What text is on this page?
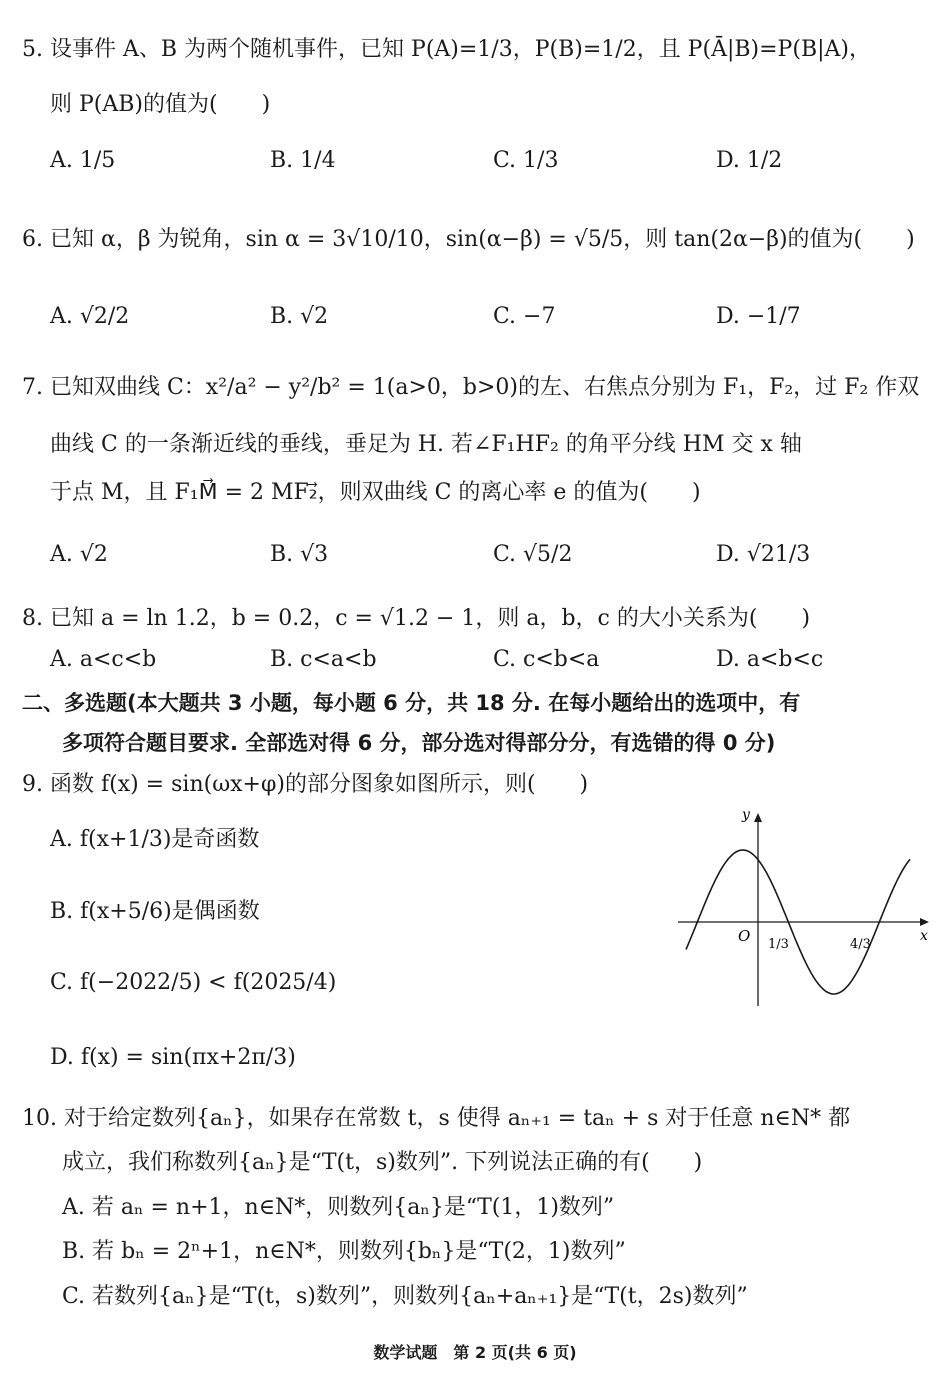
5. 设事件 A、B 为两个随机事件，已知 P(A)=1/3，P(B)=1/2，且 P(Ā|B)=P(B|A)，
则 P(AB)的值为(　　)
A. 1/5	B. 1/4	C. 1/3	D. 1/2
6. 已知 α，β 为锐角，sin α = 3√10/10，sin(α−β) = √5/5，则 tan(2α−β)的值为(　　)
A. √2/2	B. √2	C. −7	D. −1/7
7. 已知双曲线 C：x²/a² − y²/b² = 1(a>0，b>0)的左、右焦点分别为 F₁，F₂，过 F₂ 作双
曲线 C 的一条渐近线的垂线，垂足为 H. 若∠F₁HF₂ 的角平分线 HM 交 x 轴
于点 M，且 F₁M⃗ = 2 MF₂⃗，则双曲线 C 的离心率 e 的值为(　　)
A. √2	B. √3	C. √5/2	D. √21/3
8. 已知 a = ln 1.2，b = 0.2，c = √1.2 − 1，则 a，b，c 的大小关系为(　　)
A. a<c<b	B. c<a<b	C. c<b<a	D. a<b<c
二、多选题(本大题共 3 小题，每小题 6 分，共 18 分. 在每小题给出的选项中，有
多项符合题目要求. 全部选对得 6 分，部分选对得部分分，有选错的得 0 分)
9. 函数 f(x) = sin(ωx+φ)的部分图象如图所示，则(　　)
A. f(x+1/3)是奇函数
B. f(x+5/6)是偶函数
C. f(−2022/5) < f(2025/4)
D. f(x) = sin(πx+2π/3)
y
x
O 1/3	4/3
10. 对于给定数列{aₙ}，如果存在常数 t，s 使得 aₙ₊₁ = taₙ + s 对于任意 n∈N* 都
成立，我们称数列{aₙ}是“T(t，s)数列”. 下列说法正确的有(　　)
A. 若 aₙ = n+1，n∈N*，则数列{aₙ}是“T(1，1)数列”
B. 若 bₙ = 2ⁿ+1，n∈N*，则数列{bₙ}是“T(2，1)数列”
C. 若数列{aₙ}是“T(t，s)数列”，则数列{aₙ+aₙ₊₁}是“T(t，2s)数列”
数学试题　第 2 页(共 6 页)
